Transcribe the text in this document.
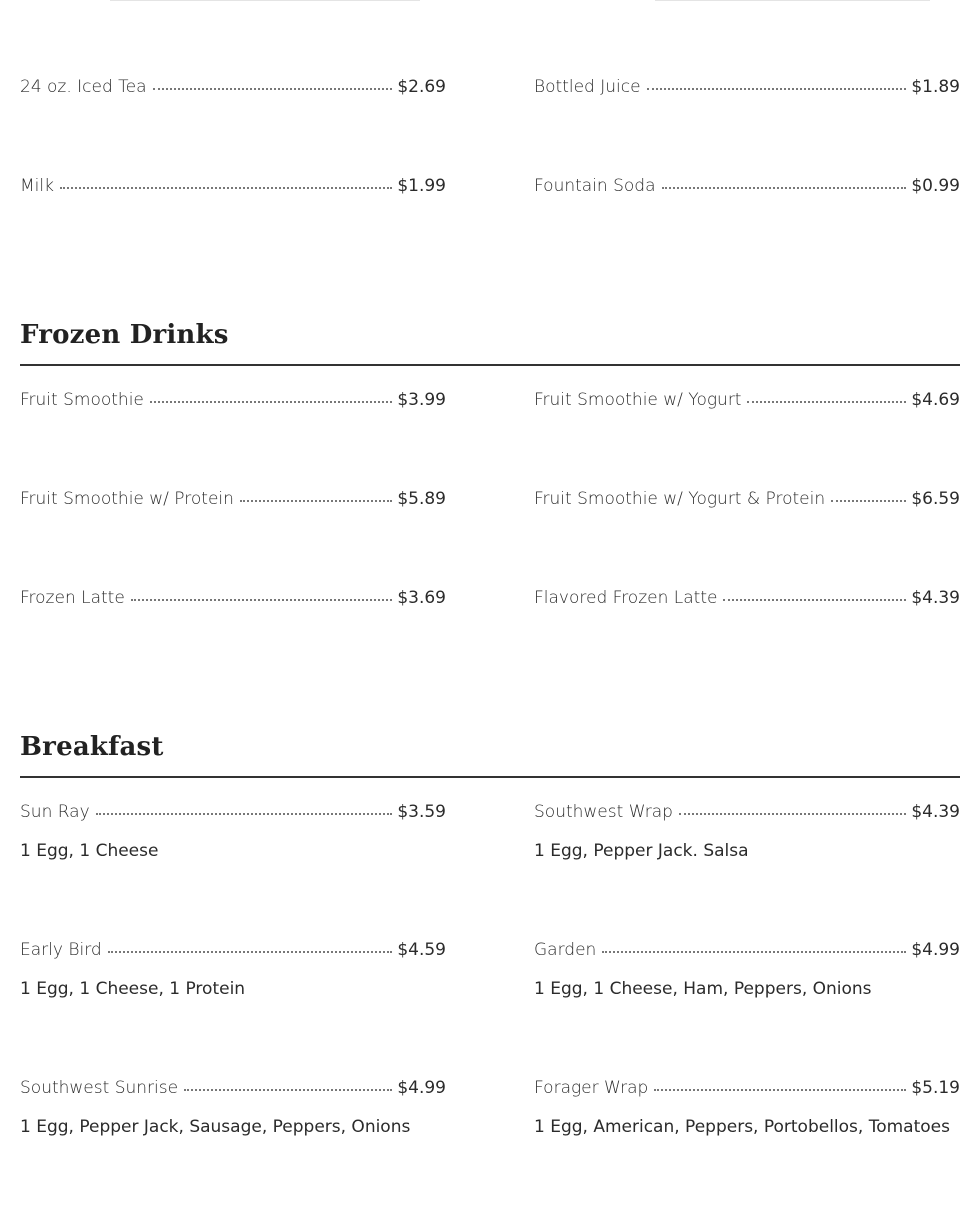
24 oz. Iced Tea	$2.69	Bottled Juice	$1.89
Milk	$1.99	Fountain Soda	$0.99
Frozen Drinks
Fruit Smoothie	$3.99	Fruit Smoothie w/ Yogurt	$4.69
Fruit Smoothie w/ Protein	$5.89	Fruit Smoothie w/ Yogurt & Protein	$6.59
Frozen Latte	$3.69	Flavored Frozen Latte	$4.39
Breakfast
Sun Ray	$3.59
1 Egg, 1 Cheese
Southwest Wrap	$4.39
1 Egg, Pepper Jack. Salsa
Early Bird	$4.59
1 Egg, 1 Cheese, 1 Protein
Garden	$4.99
1 Egg, 1 Cheese, Ham, Peppers, Onions
Southwest Sunrise	$4.99
1 Egg, Pepper Jack, Sausage, Peppers, Onions
Forager Wrap	$5.19
1 Egg, American, Peppers, Portobellos, Tomatoes
